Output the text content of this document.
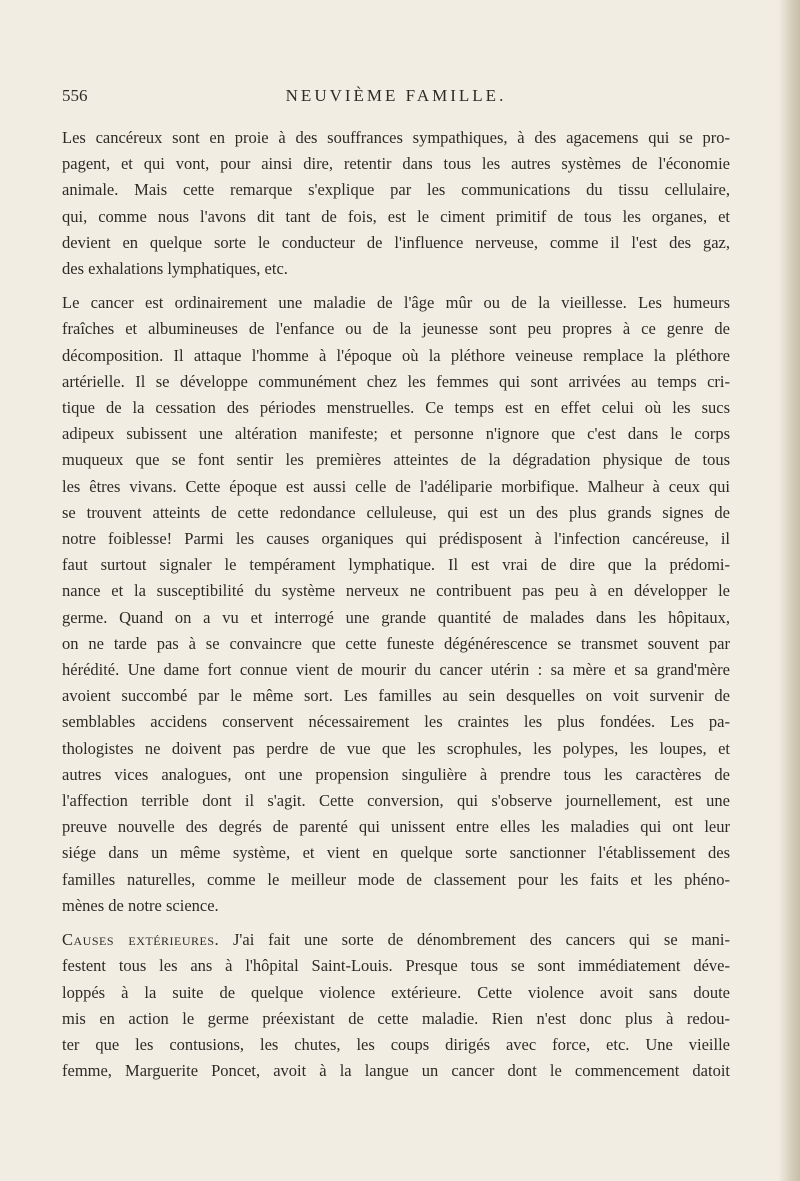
556	NEUVIÈME FAMILLE.

Les cancéreux sont en proie à des souffrances sympathiques, à des agacemens qui se pro-
pagent, et qui vont, pour ainsi dire, retentir dans tous les autres systèmes de l'économie
animale. Mais cette remarque s'explique par les communications du tissu cellulaire,
qui, comme nous l'avons dit tant de fois, est le ciment primitif de tous les organes, et
devient en quelque sorte le conducteur de l'influence nerveuse, comme il l'est des gaz,
des exhalations lymphatiques, etc.

Le cancer est ordinairement une maladie de l'âge mûr ou de la vieillesse. Les humeurs
fraîches et albumineuses de l'enfance ou de la jeunesse sont peu propres à ce genre de
décomposition. Il attaque l'homme à l'époque où la pléthore veineuse remplace la pléthore
artérielle. Il se développe communément chez les femmes qui sont arrivées au temps cri-
tique de la cessation des périodes menstruelles. Ce temps est en effet celui où les sucs
adipeux subissent une altération manifeste; et personne n'ignore que c'est dans le corps
muqueux que se font sentir les premières atteintes de la dégradation physique de tous
les êtres vivans. Cette époque est aussi celle de l'adéliparie morbifique. Malheur à ceux qui
se trouvent atteints de cette redondance celluleuse, qui est un des plus grands signes de
notre foiblesse! Parmi les causes organiques qui prédisposent à l'infection cancéreuse, il
faut surtout signaler le tempérament lymphatique. Il est vrai de dire que la prédomi-
nance et la susceptibilité du système nerveux ne contribuent pas peu à en développer le
germe. Quand on a vu et interrogé une grande quantité de malades dans les hôpitaux,
on ne tarde pas à se convaincre que cette funeste dégénérescence se transmet souvent par
hérédité. Une dame fort connue vient de mourir du cancer utérin : sa mère et sa grand'mère
avoient succombé par le même sort. Les familles au sein desquelles on voit survenir de
semblables accidens conservent nécessairement les craintes les plus fondées. Les pa-
thologistes ne doivent pas perdre de vue que les scrophules, les polypes, les loupes, et
autres vices analogues, ont une propension singulière à prendre tous les caractères de
l'affection terrible dont il s'agit. Cette conversion, qui s'observe journellement, est une
preuve nouvelle des degrés de parenté qui unissent entre elles les maladies qui ont leur
siége dans un même système, et vient en quelque sorte sanctionner l'établissement des
familles naturelles, comme le meilleur mode de classement pour les faits et les phéno-
mènes de notre science.

Causes extérieures. J'ai fait une sorte de dénombrement des cancers qui se mani-
festent tous les ans à l'hôpital Saint-Louis. Presque tous se sont immédiatement déve-
loppés à la suite de quelque violence extérieure. Cette violence avoit sans doute
mis en action le germe préexistant de cette maladie. Rien n'est donc plus à redou-
ter que les contusions, les chutes, les coups dirigés avec force, etc. Une vieille
femme, Marguerite Poncet, avoit à la langue un cancer dont le commencement datoit
